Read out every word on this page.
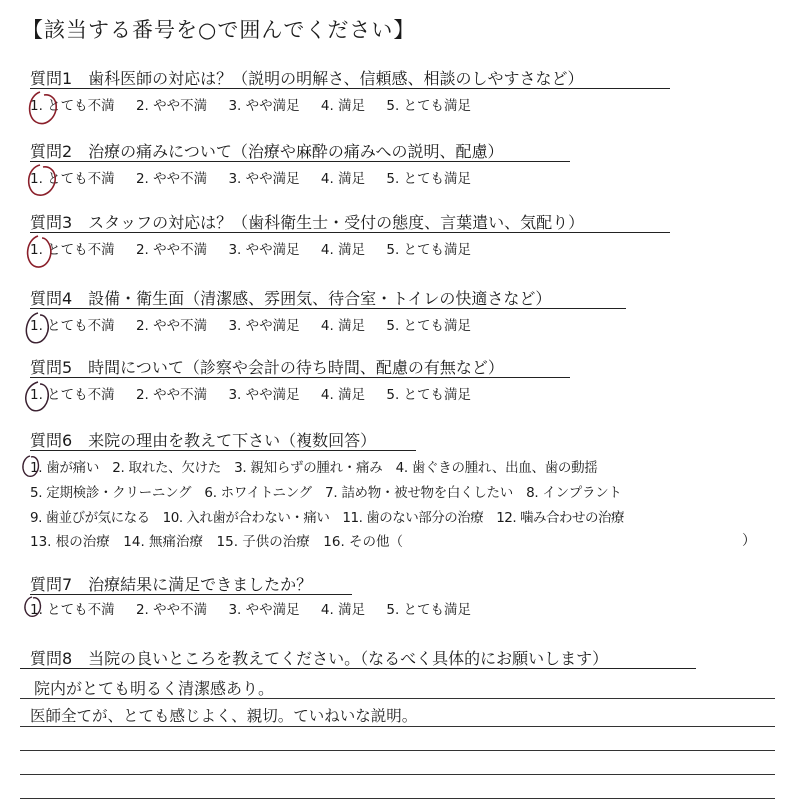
【該当する番号を○で囲んでください】
質問1　歯科医師の対応は？（説明の明解さ、信頼感、相談のしやすさなど）
1. とても不満 2. やや不満 3. やや満足 4. 満足 5. とても満足
質問2　治療の痛みについて（治療や麻酔の痛みへの説明、配慮）
1. とても不満 2. やや不満 3. やや満足 4. 満足 5. とても満足
質問3　スタッフの対応は？（歯科衛生士・受付の態度、言葉遣い、気配り）
1. とても不満 2. やや不満 3. やや満足 4. 満足 5. とても満足
質問4　設備・衛生面（清潔感、雰囲気、待合室・トイレの快適さなど）
1. とても不満 2. やや不満 3. やや満足 4. 満足 5. とても満足
質問5　時間について（診察や会計の待ち時間、配慮の有無など）
1. とても不満 2. やや不満 3. やや満足 4. 満足 5. とても満足
質問6　来院の理由を教えて下さい（複数回答）
1. 歯が痛い　2. 取れた、欠けた　3. 親知らずの腫れ・痛み　4. 歯ぐきの腫れ、出血、歯の動揺
5. 定期検診・クリーニング　6. ホワイトニング　7. 詰め物・被せ物を白くしたい　8. インプラント
9. 歯並びが気になる　10. 入れ歯が合わない・痛い　11. 歯のない部分の治療　12. 噛み合わせの治療
13. 根の治療　14. 無痛治療　15. 子供の治療　16. その他（	）
質問7　治療結果に満足できましたか？
1. とても不満 2. やや不満 3. やや満足 4. 満足 5. とても満足
質問8　当院の良いところを教えてください。（なるべく具体的にお願いします）
院内がとても明るく清潔感あり。
医師全てが、とても感じよく、親切。ていねいな説明。
